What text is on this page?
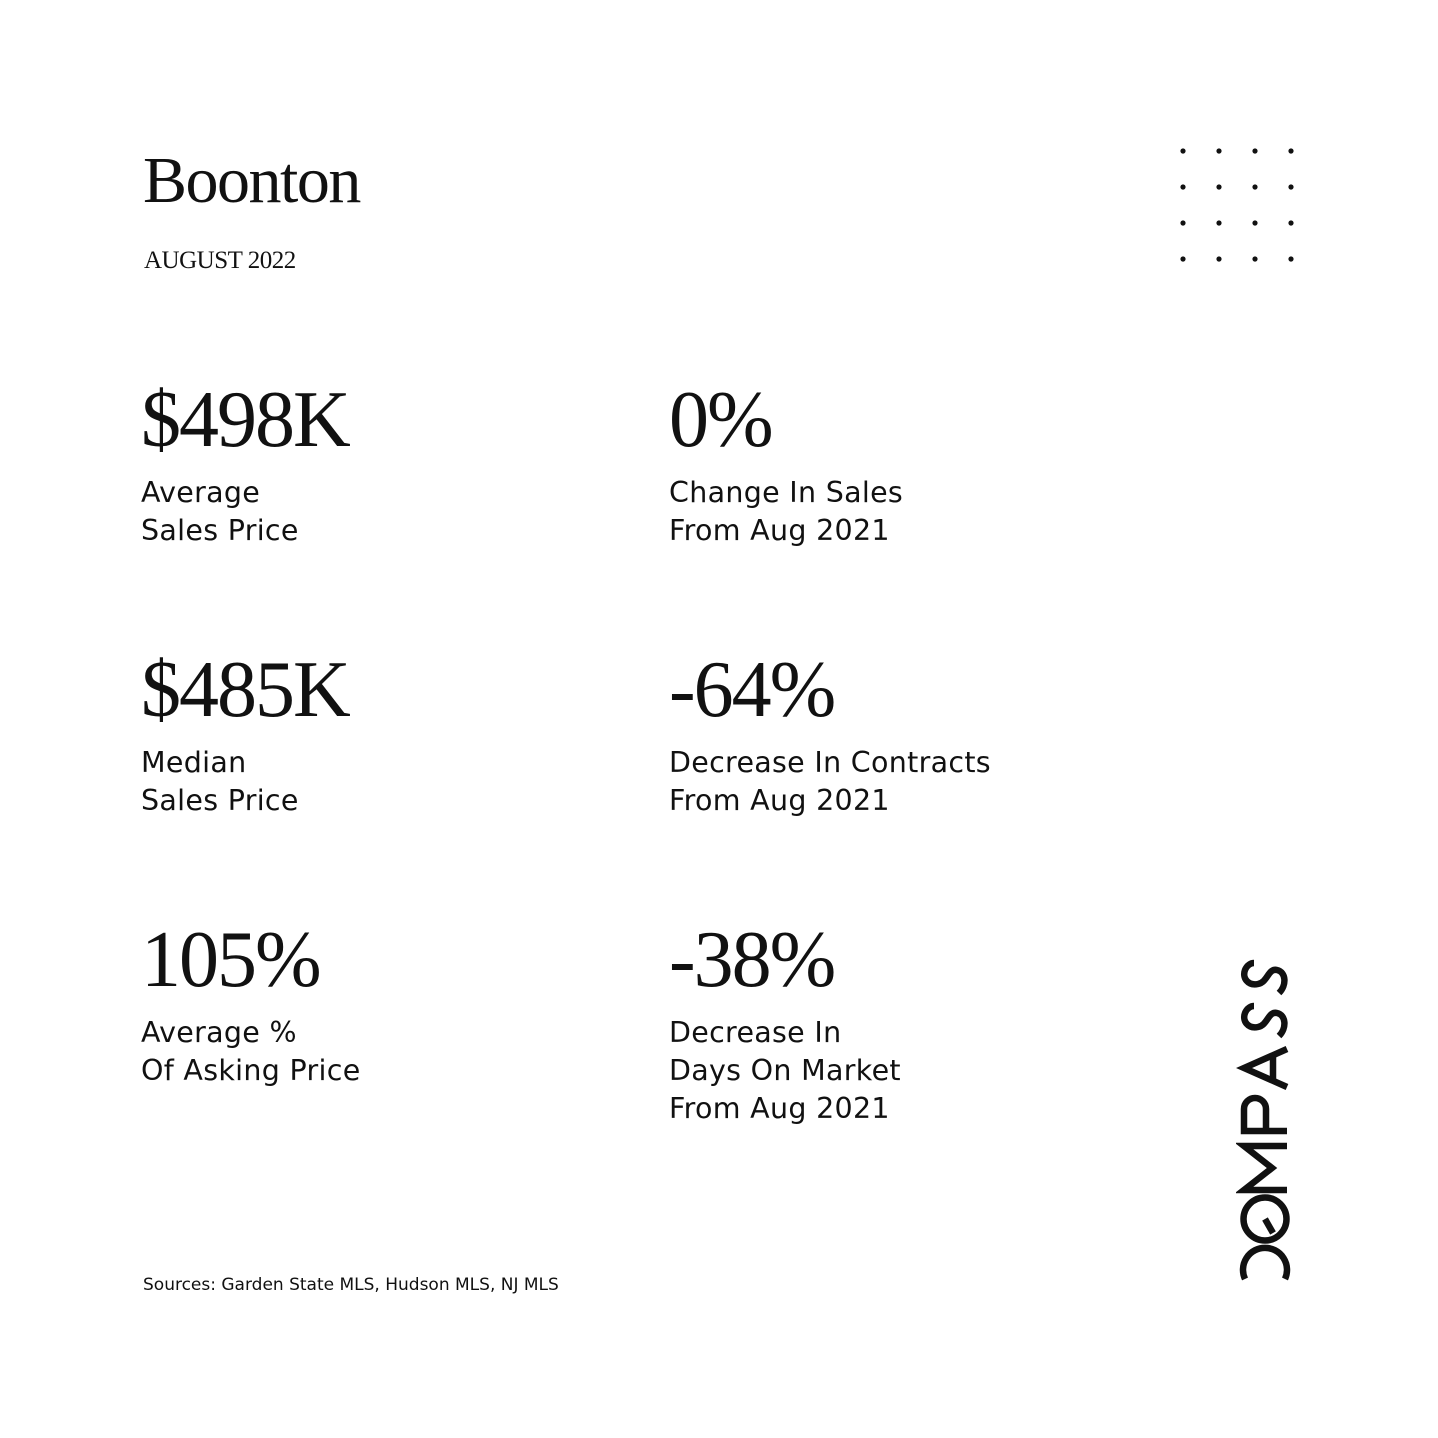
Boonton
AUGUST 2022
$498K
Average
Sales Price
0%
Change In Sales
From Aug 2021
$485K
Median
Sales Price
-64%
Decrease In Contracts
From Aug 2021
105%
Average %
Of Asking Price
-38%
Decrease In
Days On Market
From Aug 2021
Sources: Garden State MLS, Hudson MLS, NJ MLS
